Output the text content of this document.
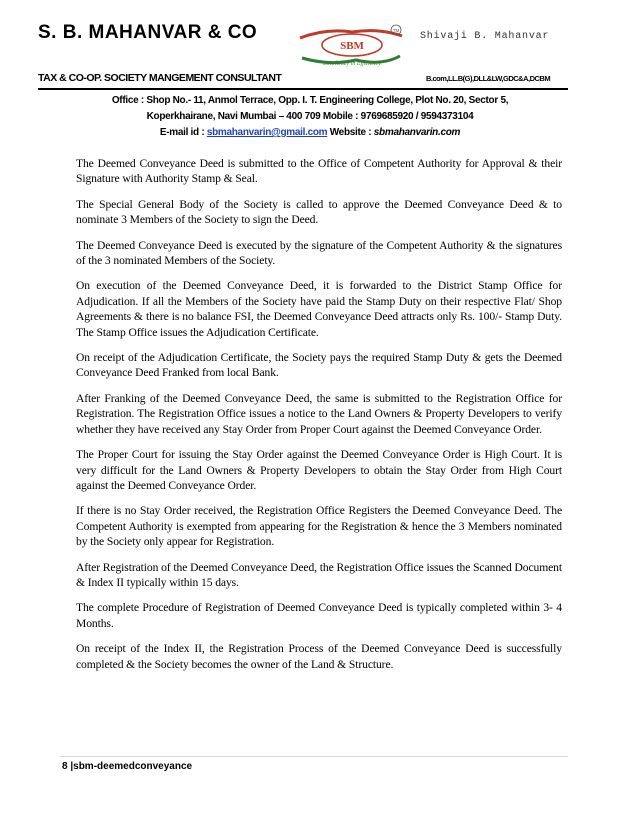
S. B. MAHANVAR & CO
SBM
TM
Excellency in Efficiency
Shivaji B. Mahanvar
TAX & CO-OP. SOCIETY MANGEMENT CONSULTANT	B.com,LL.B(G),DLL&LW,GDC&A,DCBM
Office : Shop No.- 11, Anmol Terrace, Opp. I. T. Engineering College, Plot No. 20, Sector 5,
Koperkhairane, Navi Mumbai – 400 709 Mobile : 9769685920 / 9594373104
E-mail id : sbmahanvarin@gmail.com Website : sbmahanvarin.com

The Deemed Conveyance Deed is submitted to the Office of Competent Authority for Approval & their Signature with Authority Stamp & Seal.

The Special General Body of the Society is called to approve the Deemed Conveyance Deed & to nominate 3 Members of the Society to sign the Deed.

The Deemed Conveyance Deed is executed by the signature of the Competent Authority & the signatures of the 3 nominated Members of the Society.

On execution of the Deemed Conveyance Deed, it is forwarded to the District Stamp Office for Adjudication. If all the Members of the Society have paid the Stamp Duty on their respective Flat/ Shop Agreements & there is no balance FSI, the Deemed Conveyance Deed attracts only Rs. 100/- Stamp Duty. The Stamp Office issues the Adjudication Certificate.

On receipt of the Adjudication Certificate, the Society pays the required Stamp Duty & gets the Deemed Conveyance Deed Franked from local Bank.

After Franking of the Deemed Conveyance Deed, the same is submitted to the Registration Office for Registration. The Registration Office issues a notice to the Land Owners & Property Developers to verify whether they have received any Stay Order from Proper Court against the Deemed Conveyance Order.

The Proper Court for issuing the Stay Order against the Deemed Conveyance Order is High Court. It is very difficult for the Land Owners & Property Developers to obtain the Stay Order from High Court against the Deemed Conveyance Order.

If there is no Stay Order received, the Registration Office Registers the Deemed Conveyance Deed. The Competent Authority is exempted from appearing for the Registration & hence the 3 Members nominated by the Society only appear for Registration.

After Registration of the Deemed Conveyance Deed, the Registration Office issues the Scanned Document & Index II typically within 15 days.

The complete Procedure of Registration of Deemed Conveyance Deed is typically completed within 3- 4 Months.

On receipt of the Index II, the Registration Process of the Deemed Conveyance Deed is successfully completed & the Society becomes the owner of the Land & Structure.

8 |sbm-deemedconveyance
